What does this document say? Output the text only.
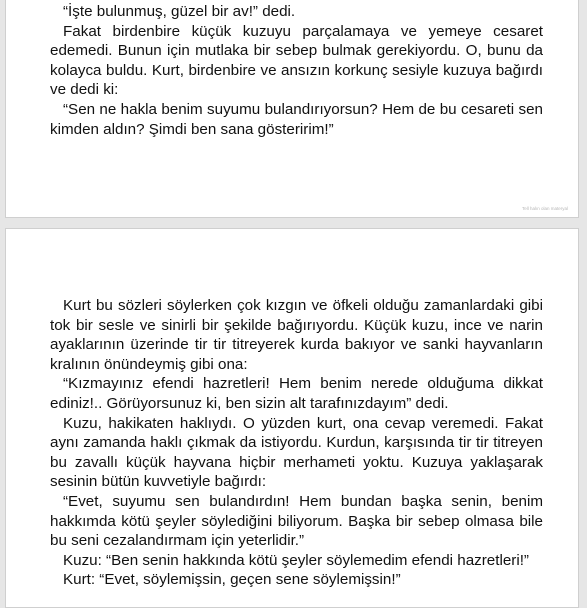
“İşte bulunmuş, güzel bir av!” dedi.

Fakat birdenbire küçük kuzuyu parçalamaya ve yemeye cesaret edemedi. Bunun için mutlaka bir sebep bulmak gerekiyordu. O, bunu da kolayca buldu. Kurt, birdenbire ve ansızın korkunç sesiyle kuzuya bağırdı ve dedi ki:

“Sen ne hakla benim suyumu bulandırıyorsun? Hem de bu cesareti sen kimden aldın? Şimdi ben sana gösteririm!”

Tell halın olan materyal

Kurt bu sözleri söylerken çok kızgın ve öfkeli olduğu zamanlardaki gibi tok bir sesle ve sinirli bir şekilde bağırıyordu. Küçük kuzu, ince ve narin ayaklarının üzerinde tir tir titreyerek kurda bakıyor ve sanki hayvanların kralının önündeymiş gibi ona:

“Kızmayınız efendi hazretleri! Hem benim nerede olduğuma dikkat ediniz!.. Görüyorsunuz ki, ben sizin alt tarafınızdayım” dedi.

Kuzu, hakikaten haklıydı. O yüzden kurt, ona cevap veremedi. Fakat aynı zamanda haklı çıkmak da istiyordu. Kurdun, karşısında tir tir titreyen bu zavallı küçük hayvana hiçbir merhameti yoktu. Kuzuya yaklaşarak sesinin bütün kuvvetiyle bağırdı:

“Evet, suyumu sen bulandırdın! Hem bundan başka senin, benim hakkımda kötü şeyler söylediğini biliyorum. Başka bir sebep olmasa bile bu seni cezalandırmam için yeterlidir.”

Kuzu: “Ben senin hakkında kötü şeyler söylemedim efendi hazretleri!”

Kurt: “Evet, söylemişsin, geçen sene söylemişsin!”
